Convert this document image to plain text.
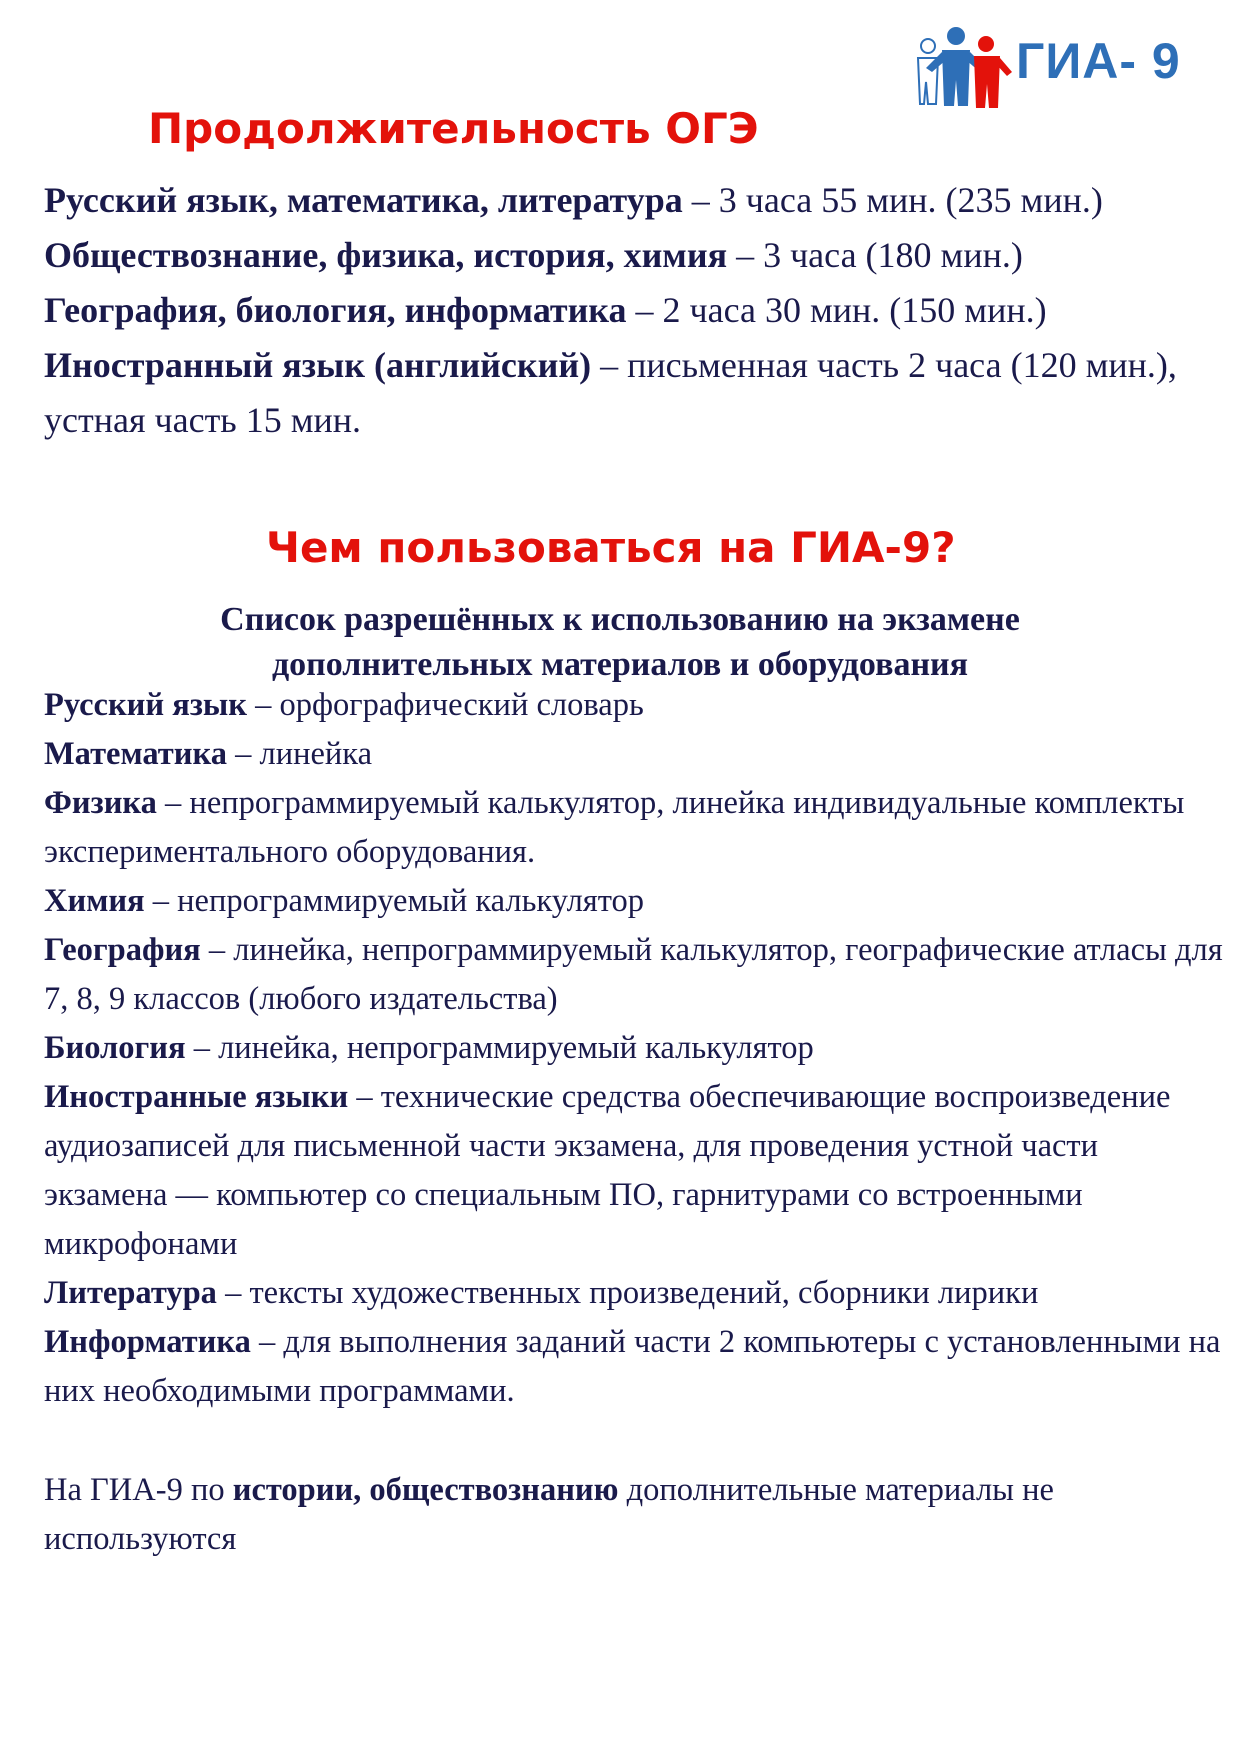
ГИА- 9
Продолжительность ОГЭ

Русский язык, математика, литература – 3 часа 55 мин. (235 мин.)

Обществознание, физика, история, химия – 3 часа (180 мин.)

География, биология, информатика – 2 часа 30 мин. (150 мин.)

Иностранный язык (английский) – письменная часть 2 часа (120 мин.), устная часть 15 мин.

Чем пользоваться на ГИА-9?
Список разрешённых к использованию на экзамене
дополнительных материалов и оборудования

Русский язык – орфографический словарь

Математика – линейка

Физика – непрограммируемый калькулятор, линейка индивидуальные комплекты экспериментального оборудования.

Химия – непрограммируемый калькулятор

География – линейка, непрограммируемый калькулятор, географические атласы для 7, 8, 9 классов (любого издательства)

Биология – линейка, непрограммируемый калькулятор

Иностранные языки – технические средства обеспечивающие воспроизведение аудиозаписей для письменной части экзамена, для проведения устной части экзамена — компьютер со специальным ПО, гарнитурами со встроенными микрофонами

Литература – тексты художественных произведений, сборники лирики

Информатика – для выполнения заданий части 2 компьютеры с установленными на них необходимыми программами.

На ГИА-9 по истории, обществознанию дополнительные материалы не используются
